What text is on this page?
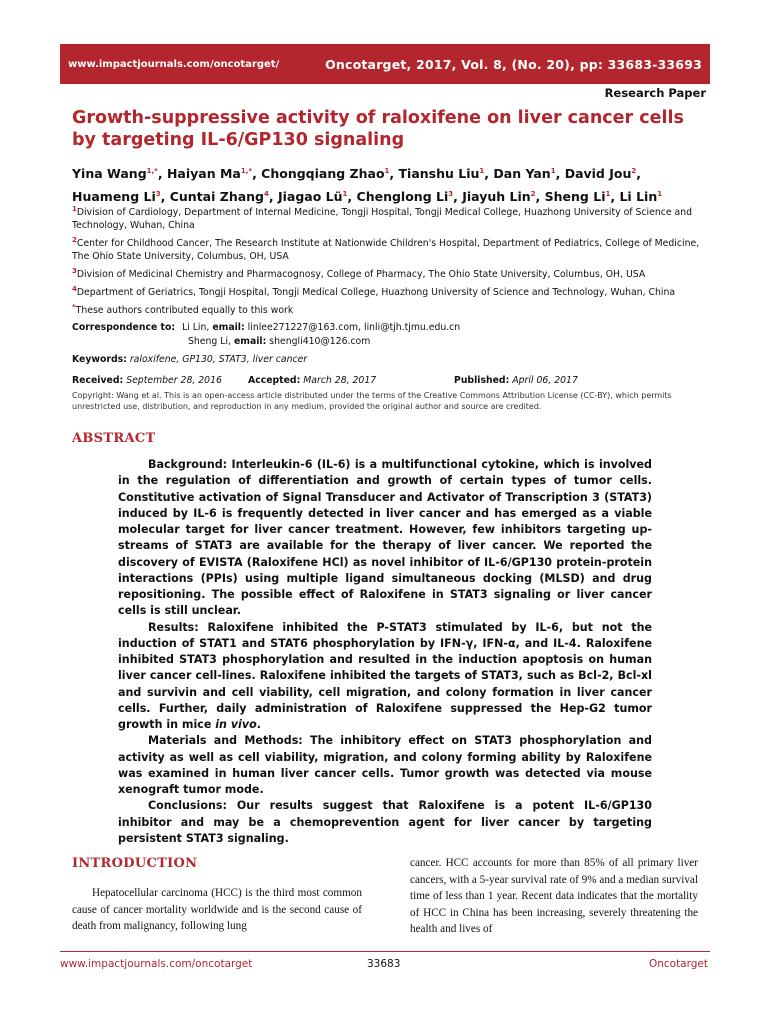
www.impactjournals.com/oncotarget/	Oncotarget, 2017, Vol. 8, (No. 20), pp: 33683-33693
Research Paper
Growth-suppressive activity of raloxifene on liver cancer cells by targeting IL-6/GP130 signaling
Yina Wang$^{1,*}$, Haiyan $Ma^{1,*}$, Chongqiang Zhao$^1$, Tianshu Liu$^1$, Dan Yan$^1$, David Jou$^2$, Huameng Li$^3$, Cuntai Zhang$^4$, Jiagao $Lü^1$, Chenglong Li$^3$, Jiayuh Lin$^2$, Sheng Li$^1$, Li Lin$^1$
$^1$Division of Cardiology, Department of Internal Medicine, Tongji Hospital, Tongji Medical College, Huazhong University of Science and Technology, Wuhan, China
$^2$Center for Childhood Cancer, The Research Institute at Nationwide Children's Hospital, Department of Pediatrics, College of Medicine, The Ohio State University, Columbus, OH, USA
$^3$Division of Medicinal Chemistry and Pharmacognosy, College of Pharmacy, The Ohio State University, Columbus, OH, USA
$^4$Department of Geriatrics, Tongji Hospital, Tongji Medical College, Huazhong University of Science and Technology, Wuhan, China
*These authors contributed equally to this work
Correspondence to: Li Lin, email: linlee271227@163.com, linli@tjh.tjmu.edu.cn
Sheng Li, email: shengli410@126.com
Keywords: raloxifene, GP130, STAT3, liver cancer
Received: September 28, 2016	Accepted: March 28, 2017	Published: April 06, 2017
Copyright: Wang et al. This is an open-access article distributed under the terms of the Creative Commons Attribution License (CC-BY), which permits unrestricted use, distribution, and reproduction in any medium, provided the original author and source are credited.
ABSTRACT

Background: Interleukin-6 (IL-6) is a multifunctional cytokine, which is involved in the regulation of differentiation and growth of certain types of tumor cells. Constitutive activation of Signal Transducer and Activator of Transcription 3 (STAT3) induced by IL-6 is frequently detected in liver cancer and has emerged as a viable molecular target for liver cancer treatment. However, few inhibitors targeting up-streams of STAT3 are available for the therapy of liver cancer. We reported the discovery of EVISTA (Raloxifene HCl) as novel inhibitor of IL-6/GP130 protein-protein interactions (PPIs) using multiple ligand simultaneous docking (MLSD) and drug repositioning. The possible effect of Raloxifene in STAT3 signaling or liver cancer cells is still unclear.

Results: Raloxifene inhibited the P-STAT3 stimulated by IL-6, but not the induction of STAT1 and STAT6 phosphorylation by IFN-γ, IFN-α, and IL-4. Raloxifene inhibited STAT3 phosphorylation and resulted in the induction apoptosis on human liver cancer cell-lines. Raloxifene inhibited the targets of STAT3, such as Bcl-2, Bcl-xl and survivin and cell viability, cell migration, and colony formation in liver cancer cells. Further, daily administration of Raloxifene suppressed the Hep-G2 tumor growth in mice in vivo.

Materials and Methods: The inhibitory effect on STAT3 phosphorylation and activity as well as cell viability, migration, and colony forming ability by Raloxifene was examined in human liver cancer cells. Tumor growth was detected via mouse xenograft tumor mode.

Conclusions: Our results suggest that Raloxifene is a potent IL-6/GP130 inhibitor and may be a chemoprevention agent for liver cancer by targeting persistent STAT3 signaling.

INTRODUCTION
Hepatocellular carcinoma (HCC) is the third most common cause of cancer mortality worldwide and is the second cause of death from malignancy, following lung
cancer. HCC accounts for more than 85% of all primary liver cancers, with a 5-year survival rate of 9% and a median survival time of less than 1 year. Recent data indicates that the mortality of HCC in China has been increasing, severely threatening the health and lives of
www.impactjournals.com/oncotarget	33683	Oncotarget
